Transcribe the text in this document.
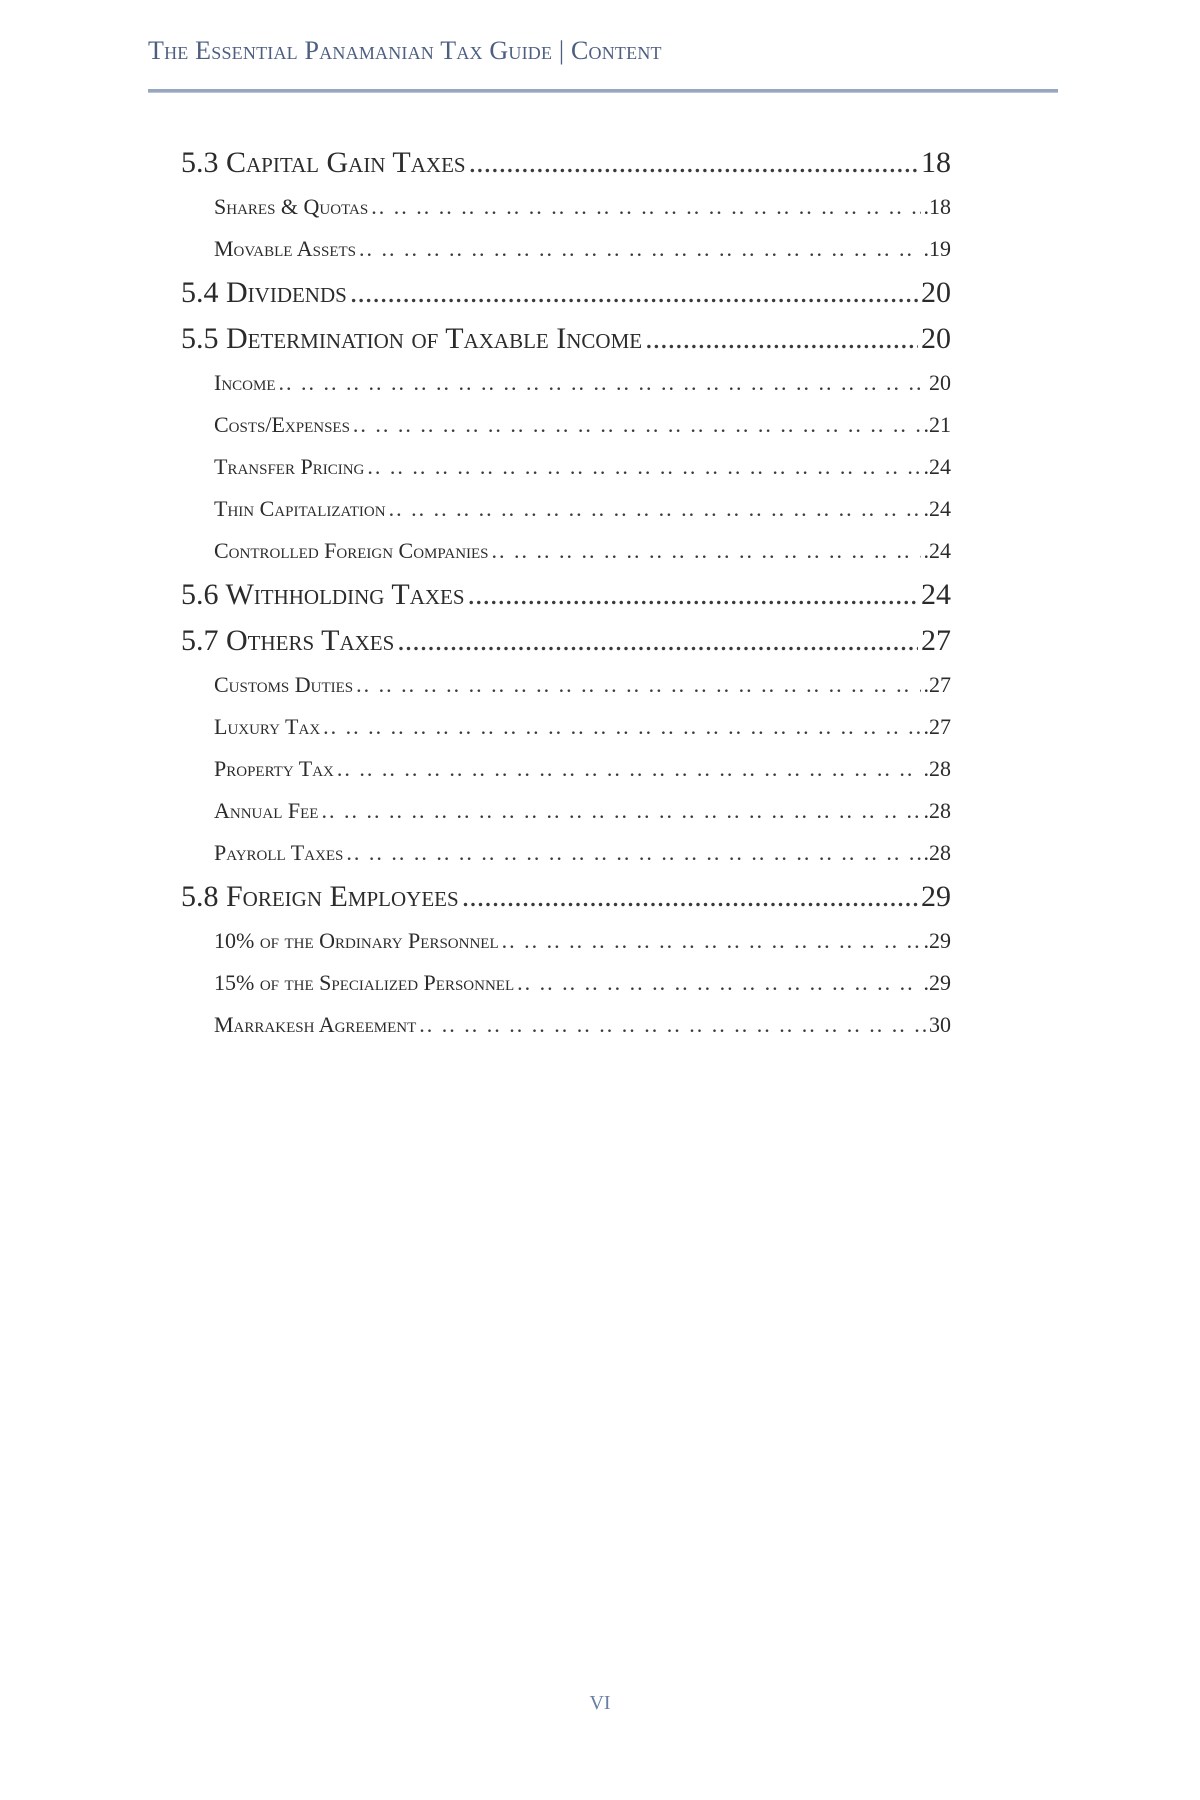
The Essential Panamanian Tax Guide | Content
5.3 Capital Gain Taxes .....	18
Shares & Quotas .. ..	.18
Movable Assets .. ..	.19
5.4 Dividends .....	20
5.5 Determination of Taxable Income .....	20
Income .. ..	20
Costs/Expenses .. ..	.21
Transfer Pricing .. ..	.24
Thin Capitalization .. ..	.24
Controlled Foreign Companies .. ..	.24
5.6 Withholding Taxes .....	24
5.7 Others Taxes .....	27
Customs Duties .. ..	.27
Luxury Tax .. ..	.27
Property Tax .. ..	.28
Annual Fee .. ..	.28
Payroll Taxes .. ..	.28
5.8 Foreign Employees .....	29
10% of the Ordinary Personnel .. ..	.29
15% of the Specialized Personnel .. ..	.29
Marrakesh Agreement .. ..	30
VI
